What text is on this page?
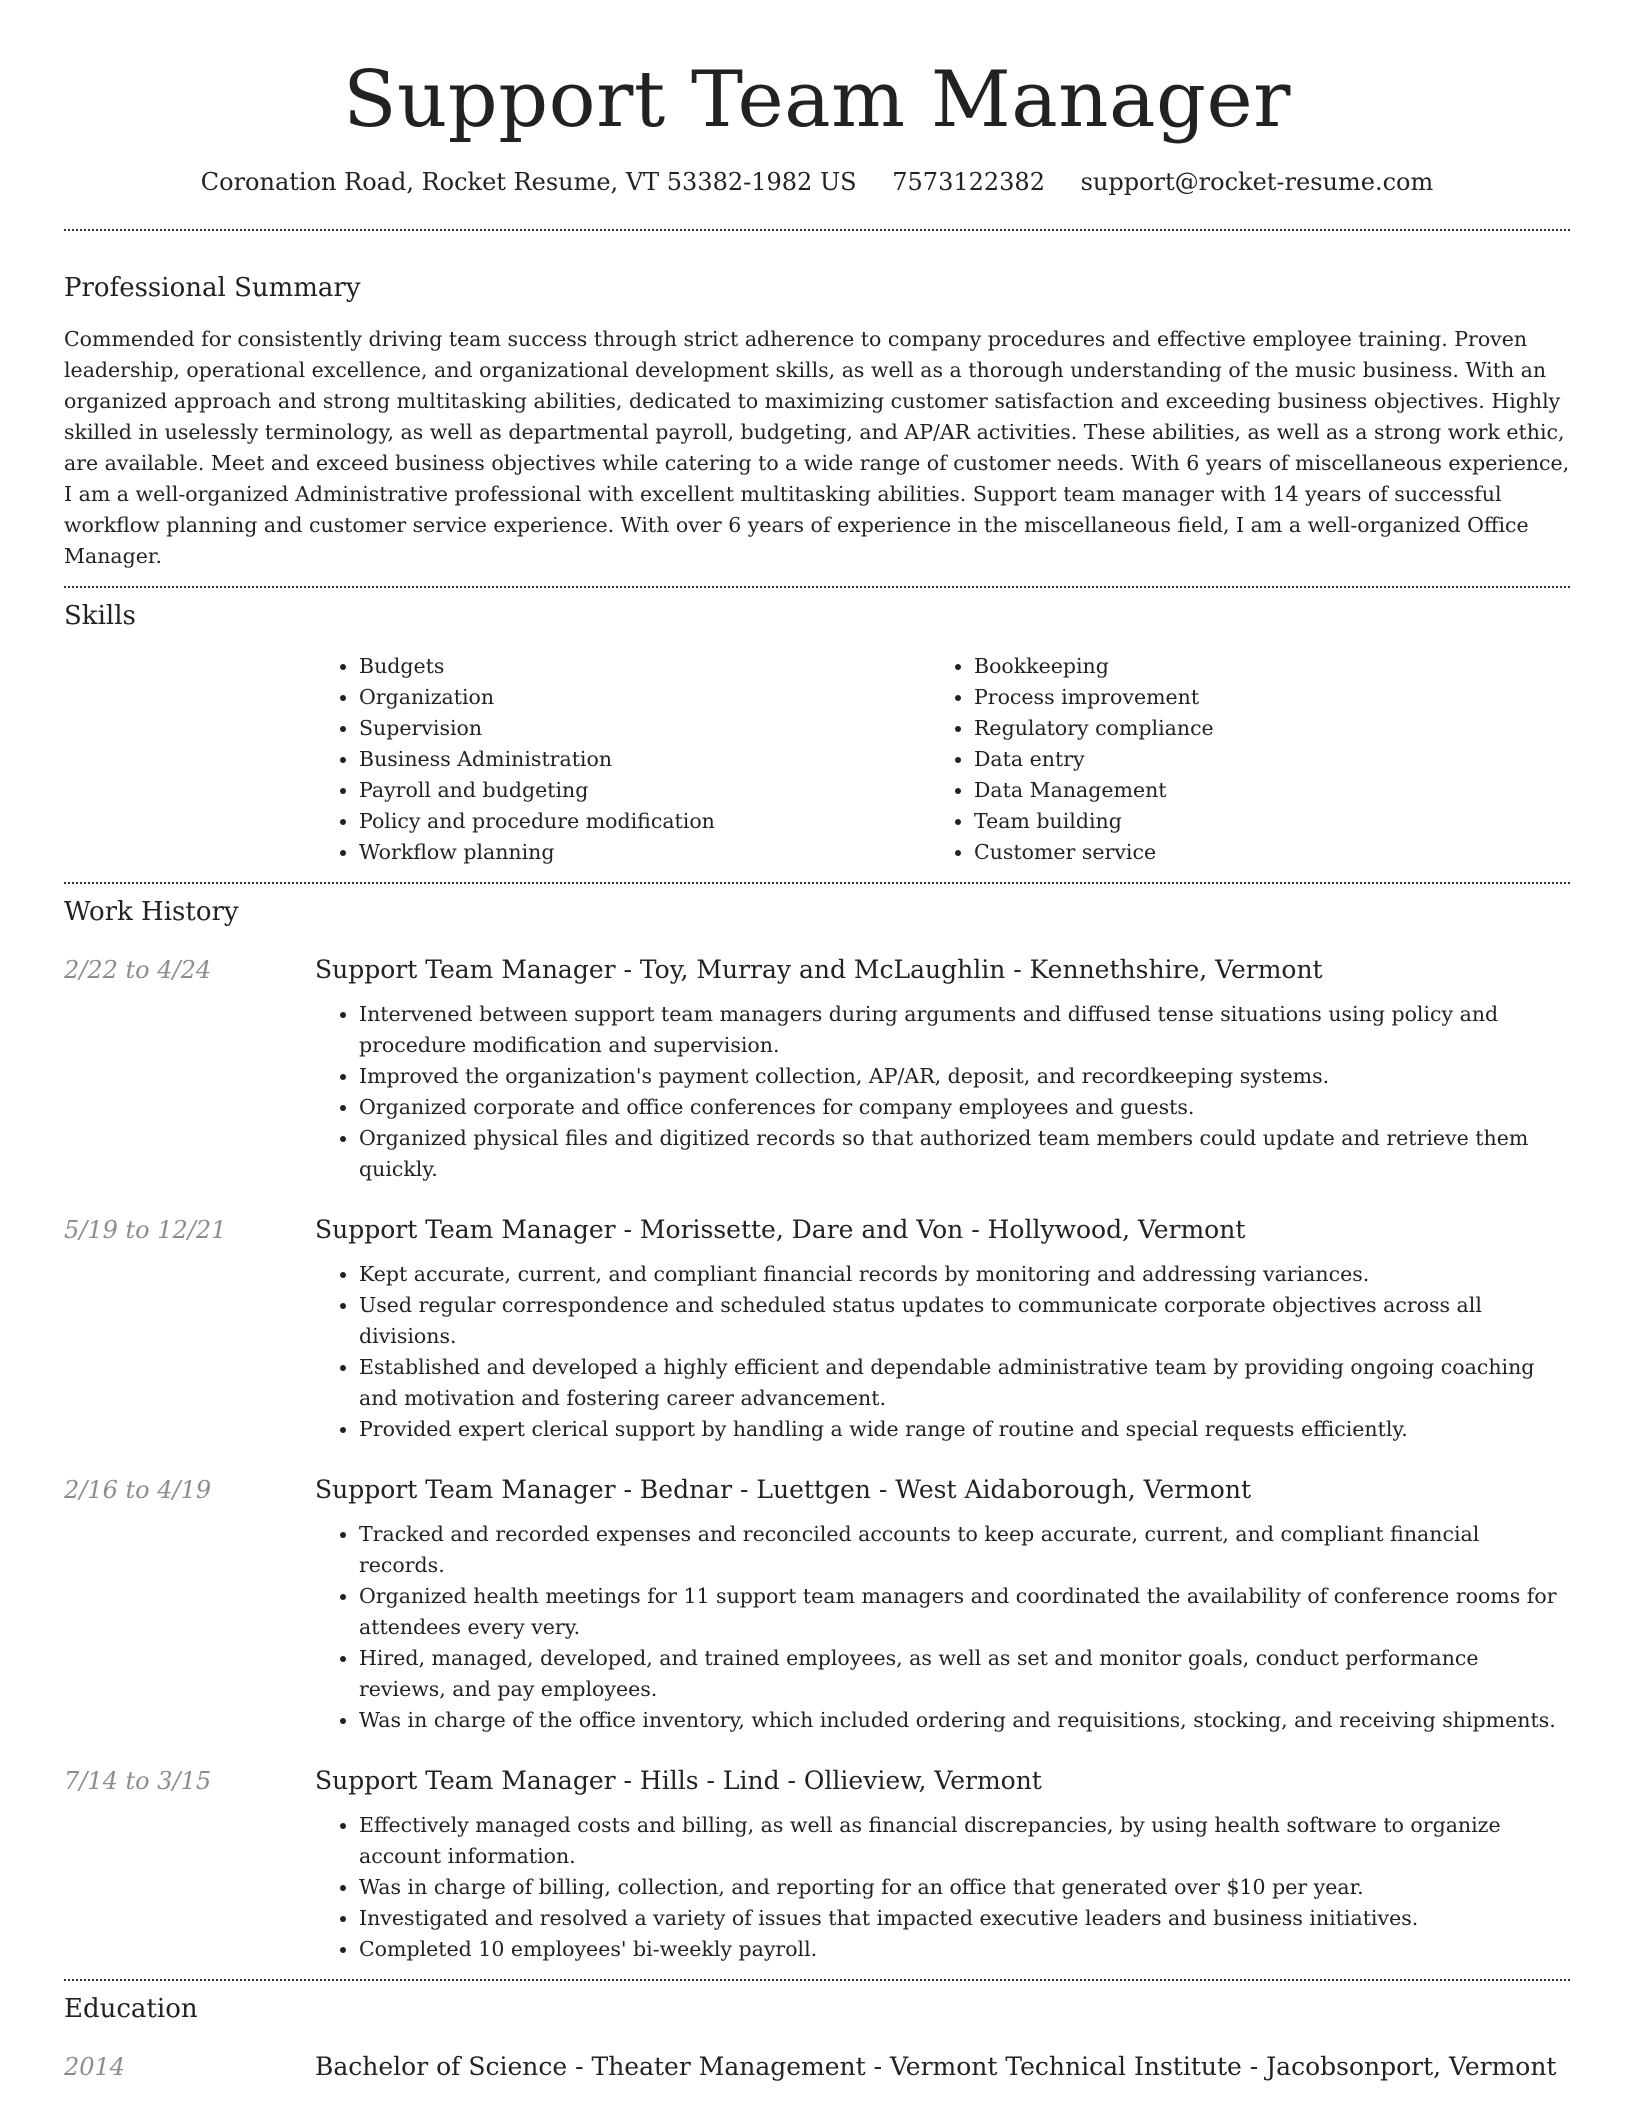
Support Team Manager
Coronation Road, Rocket Resume, VT 53382-1982 US 7573122382 support@rocket-resume.com
Professional Summary

Commended for consistently driving team success through strict adherence to company procedures and effective employee training. Proven leadership, operational excellence, and organizational development skills, as well as a thorough understanding of the music business. With an organized approach and strong multitasking abilities, dedicated to maximizing customer satisfaction and exceeding business objectives. Highly skilled in uselessly terminology, as well as departmental payroll, budgeting, and AP/AR activities. These abilities, as well as a strong work ethic, are available. Meet and exceed business objectives while catering to a wide range of customer needs. With 6 years of miscellaneous experience, I am a well-organized Administrative professional with excellent multitasking abilities. Support team manager with 14 years of successful workflow planning and customer service experience. With over 6 years of experience in the miscellaneous field, I am a well-organized Office Manager.

Skills
• Budgets
• Organization
• Supervision
• Business Administration
• Payroll and budgeting
• Policy and procedure modification
• Workflow planning
• Bookkeeping
• Process improvement
• Regulatory compliance
• Data entry
• Data Management
• Team building
• Customer service
Work History
2/22 to 4/24	Support Team Manager - Toy, Murray and McLaughlin - Kennethshire, Vermont
• Intervened between support team managers during arguments and diffused tense situations using policy and procedure modification and supervision.
• Improved the organization's payment collection, AP/AR, deposit, and recordkeeping systems.
• Organized corporate and office conferences for company employees and guests.
• Organized physical files and digitized records so that authorized team members could update and retrieve them quickly.
5/19 to 12/21	Support Team Manager - Morissette, Dare and Von - Hollywood, Vermont
• Kept accurate, current, and compliant financial records by monitoring and addressing variances.
• Used regular correspondence and scheduled status updates to communicate corporate objectives across all divisions.
• Established and developed a highly efficient and dependable administrative team by providing ongoing coaching and motivation and fostering career advancement.
• Provided expert clerical support by handling a wide range of routine and special requests efficiently.
2/16 to 4/19	Support Team Manager - Bednar - Luettgen - West Aidaborough, Vermont
• Tracked and recorded expenses and reconciled accounts to keep accurate, current, and compliant financial records.
• Organized health meetings for 11 support team managers and coordinated the availability of conference rooms for attendees every very.
• Hired, managed, developed, and trained employees, as well as set and monitor goals, conduct performance reviews, and pay employees.
• Was in charge of the office inventory, which included ordering and requisitions, stocking, and receiving shipments.
7/14 to 3/15	Support Team Manager - Hills - Lind - Ollieview, Vermont
• Effectively managed costs and billing, as well as financial discrepancies, by using health software to organize account information.
• Was in charge of billing, collection, and reporting for an office that generated over $10 per year.
• Investigated and resolved a variety of issues that impacted executive leaders and business initiatives.
• Completed 10 employees' bi-weekly payroll.
Education
2014	Bachelor of Science - Theater Management - Vermont Technical Institute - Jacobsonport, Vermont
